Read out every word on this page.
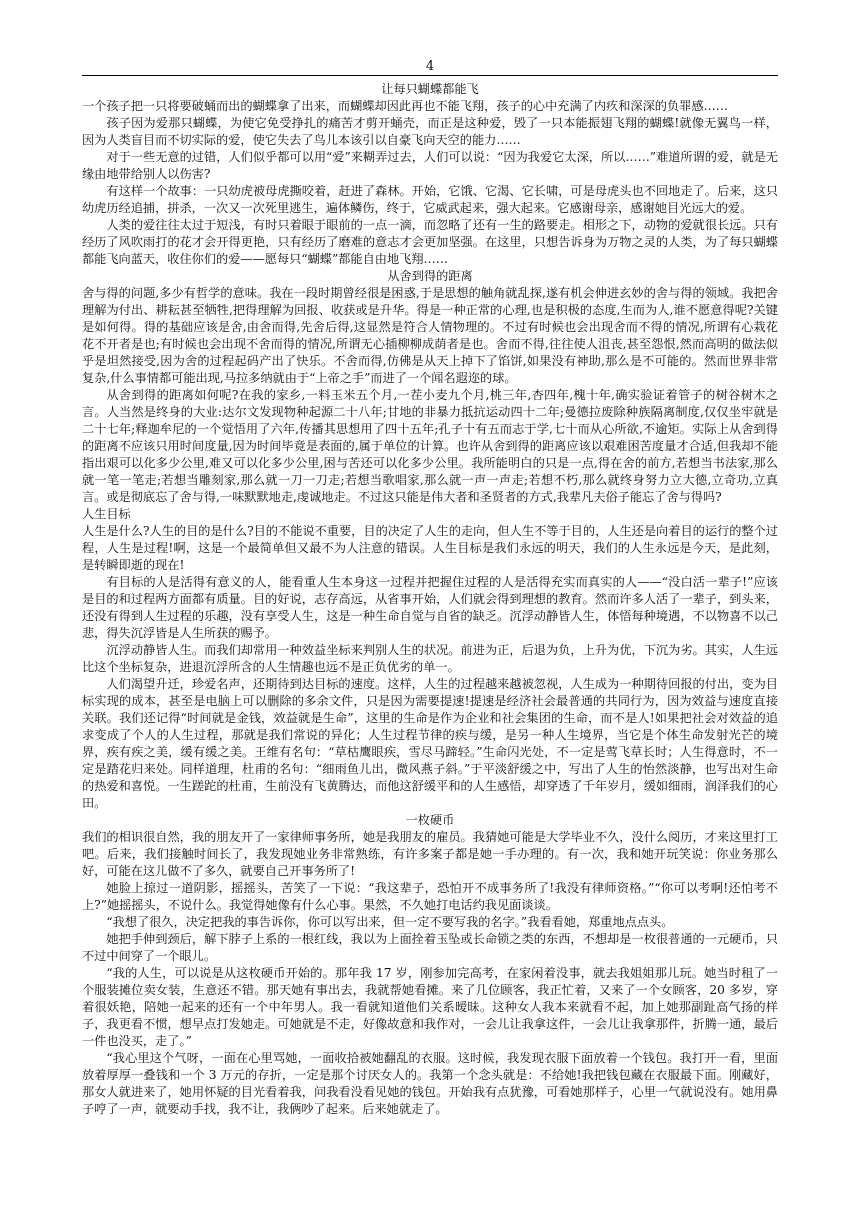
4

让每只蝴蝶都能飞

一个孩子把一只将要破蛹而出的蝴蝶拿了出来，而蝴蝶却因此再也不能飞翔，孩子的心中充满了内疚和深深的负罪感……

孩子因为爱那只蝴蝶，为使它免受挣扎的痛苦才剪开蛹壳，而正是这种爱，毁了一只本能振翅飞翔的蝴蝶!就像无翼鸟一样，因为人类盲目而不切实际的爱，使它失去了鸟儿本该引以自豪飞向天空的能力……

对于一些无意的过错，人们似乎都可以用“爱”来糊弄过去，人们可以说：“因为我爱它太深，所以……”难道所谓的爱，就是无缘由地带给别人以伤害?

有这样一个故事：一只幼虎被母虎撕咬着，赶进了森林。开始，它饿、它渴、它长啸，可是母虎头也不回地走了。后来，这只幼虎历经追捕，拼杀，一次又一次死里逃生，遍体鳞伤，终于，它威武起来，强大起来。它感谢母亲，感谢她目光远大的爱。

人类的爱往往太过于短浅，有时只着眼于眼前的一点一滴，而忽略了还有一生的路要走。相形之下，动物的爱就很长远。只有经历了风吹雨打的花才会开得更艳，只有经历了磨难的意志才会更加坚强。在这里，只想告诉身为万物之灵的人类，为了每只蝴蝶都能飞向蓝天，收住你们的爱——愿每只“蝴蝶”都能自由地飞翔……

从舍到得的距离

舍与得的问题,多少有哲学的意味。我在一段时期曾经很是困惑,于是思想的触角就乱探,遂有机会伸进玄妙的舍与得的领域。我把舍理解为付出、耕耘甚至牺牲,把得理解为回报、收获或是升华。得是一种正常的心理,也是积极的态度,生而为人,谁不愿意得呢?关键是如何得。得的基础应该是舍,由舍而得,先舍后得,这显然是符合人情物理的。不过有时候也会出现舍而不得的情况,所谓有心栽花花不开者是也;有时候也会出现不舍而得的情况,所谓无心插柳柳成荫者是也。舍而不得,往往使人沮丧,甚至怨恨,然而高明的做法似乎是坦然接受,因为舍的过程起码产出了快乐。不舍而得,仿佛是从天上掉下了馅饼,如果没有神助,那么是不可能的。然而世界非常复杂,什么事情都可能出现,马拉多纳就由于“上帝之手”而进了一个闻名遐迩的球。

从舍到得的距离如何呢?在我的家乡,一料玉米五个月,一茬小麦九个月,桃三年,杏四年,槐十年,确实验证着管子的树谷树木之言。人当然是终身的大业:达尔文发现物种起源二十八年;甘地的非暴力抵抗运动四十二年;曼德拉废除种族隔离制度,仅仅坐牢就是二十七年;释迦牟尼的一个觉悟用了六年,传播其思想用了四十五年;孔子十有五而志于学,七十而从心所欲,不逾矩。实际上从舍到得的距离不应该只用时间度量,因为时间毕竟是表面的,属于单位的计算。也许从舍到得的距离应该以艰难困苦度量才合适,但我却不能指出艰可以化多少公里,难又可以化多少公里,困与苦还可以化多少公里。我所能明白的只是一点,得在舍的前方,若想当书法家,那么就一笔一笔走;若想当雕刻家,那么就一刀一刀走;若想当歌唱家,那么就一声一声走;若想不朽,那么就终身努力立大德,立奇功,立真言。或是彻底忘了舍与得,一味默默地走,虔诚地走。不过这只能是伟大者和圣贤者的方式,我辈凡夫俗子能忘了舍与得吗?

人生目标

人生是什么?人生的目的是什么?目的不能说不重要，目的决定了人生的走向，但人生不等于目的，人生还是向着目的运行的整个过程，人生是过程!啊，这是一个最简单但又最不为人注意的错误。人生目标是我们永远的明天，我们的人生永远是今天，是此刻，是转瞬即逝的现在!

有目标的人是活得有意义的人，能看重人生本身这一过程并把握住过程的人是活得充实而真实的人——“没白活一辈子!”应该是目的和过程两方面都有质量。目的好说，志存高远，从省事开始，人们就会得到理想的教育。然而许多人活了一辈子，到头来，还没有得到人生过程的乐趣，没有享受人生，这是一种生命自觉与自省的缺乏。沉浮动静皆人生，体悟每种境遇，不以物喜不以己悲，得失沉浮皆是人生所获的赐予。

沉浮动静皆人生。而我们却常用一种效益坐标来判别人生的状况。前进为正，后退为负，上升为优，下沉为劣。其实，人生远比这个坐标复杂，进退沉浮所含的人生情趣也远不是正负优劣的单一。

人们渴望升迁，珍爱名声，还期待到达目标的速度。这样，人生的过程越来越被忽视，人生成为一种期待回报的付出，变为目标实现的成本，甚至是电脑上可以删除的多余文件，只是因为需要提速!提速是经济社会最普通的共同行为，因为效益与速度直接关联。我们还记得“时间就是金钱，效益就是生命”，这里的生命是作为企业和社会集团的生命，而不是人!如果把社会对效益的追求变成了个人的人生过程，那就是我们常说的异化；人生过程节律的疾与缓，是另一种人生境界，当它是个体生命发射光芒的境界，疾有疾之美，缓有缓之美。王维有名句：“草枯鹰眼疾，雪尽马蹄轻。”生命闪光处，不一定是莺飞草长时；人生得意时，不一定是踏花归来处。同样道理，杜甫的名句：“细雨鱼儿出，微风燕子斜。”于平淡舒缓之中，写出了人生的怡然淡静，也写出对生命的热爱和喜悦。一生蹉跎的杜甫，生前没有飞黄腾达，而他这舒缓平和的人生感悟，却穿透了千年岁月，缓如细雨，润泽我们的心田。

一枚硬币

我们的相识很自然，我的朋友开了一家律师事务所，她是我朋友的雇员。我猜她可能是大学毕业不久，没什么阅历，才来这里打工吧。后来，我们接触时间长了，我发现她业务非常熟练，有许多案子都是她一手办理的。有一次，我和她开玩笑说：你业务那么好，可能在这儿做不了多久，就要自己开事务所了!

她脸上掠过一道阴影，摇摇头，苦笑了一下说：“我这辈子，恐怕开不成事务所了!我没有律师资格。”“你可以考啊!还怕考不上?”她摇摇头，不说什么。我觉得她像有什么心事。果然，不久她打电话约我见面谈谈。

“我想了很久，决定把我的事告诉你，你可以写出来，但一定不要写我的名字。”我看看她，郑重地点点头。

她把手伸到颈后，解下脖子上系的一根红线，我以为上面拴着玉坠或长命锁之类的东西，不想却是一枚很普通的一元硬币，只不过中间穿了一个眼儿。

“我的人生，可以说是从这枚硬币开始的。那年我 17 岁，刚参加完高考，在家闲着没事，就去我姐姐那儿玩。她当时租了一个服装摊位卖女装，生意还不错。那天她有事出去，我就帮她看摊。来了几位顾客，我正忙着，又来了一个女顾客，20 多岁，穿着很妖艳，陪她一起来的还有一个中年男人。我一看就知道他们关系暧昧。这种女人我本来就看不起，加上她那副趾高气扬的样子，我更看不惯，想早点打发她走。可她就是不走，好像故意和我作对，一会儿让我拿这件，一会儿让我拿那件，折腾一通，最后一件也没买，走了。”

“我心里这个气呀，一面在心里骂她，一面收拾被她翻乱的衣服。这时候，我发现衣服下面放着一个钱包。我打开一看，里面放着厚厚一叠钱和一个 3 万元的存折，一定是那个讨厌女人的。我第一个念头就是：不给她!我把钱包藏在衣服最下面。刚藏好，那女人就进来了，她用怀疑的目光看着我，问我看没看见她的钱包。开始我有点犹豫，可看她那样子，心里一气就说没有。她用鼻子哼了一声，就要动手找，我不让，我俩吵了起来。后来她就走了。
